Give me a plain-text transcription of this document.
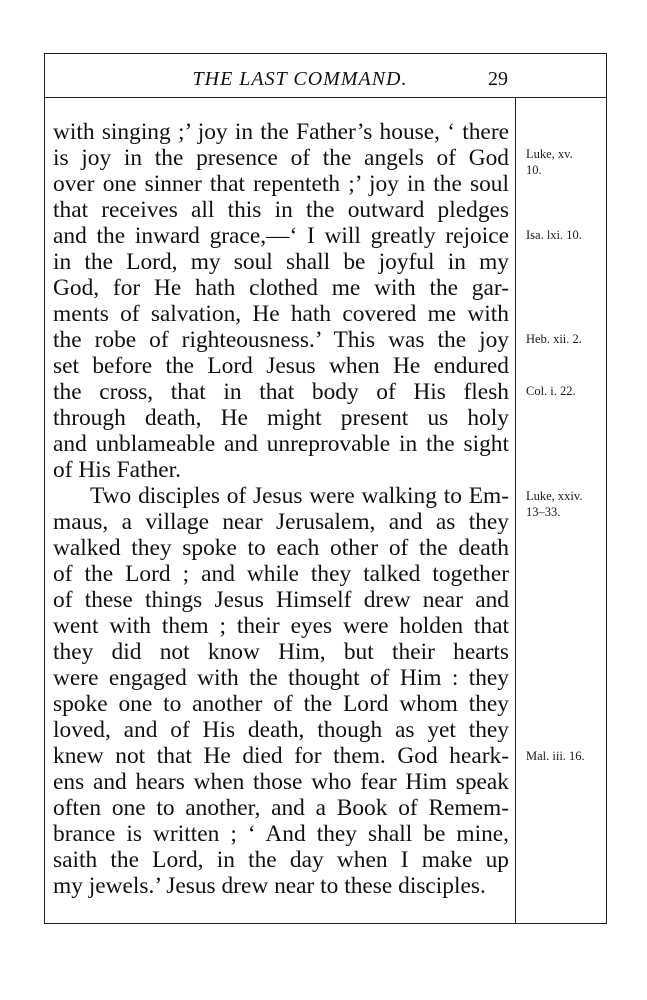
THE LAST COMMAND.	29
with singing ;’ joy in the Father’s house, ‘ there
is joy in the presence of the angels of God
over one sinner that repenteth ;’ joy in the soul
that receives all this in the outward pledges
and the inward grace,—‘ I will greatly rejoice
in the Lord, my soul shall be joyful in my
God, for He hath clothed me with the gar-
ments of salvation, He hath covered me with
the robe of righteousness.’ This was the joy
set before the Lord Jesus when He endured
the cross, that in that body of His flesh
through death, He might present us holy
and unblameable and unreprovable in the sight
of His Father.
Two disciples of Jesus were walking to Em-
maus, a village near Jerusalem, and as they
walked they spoke to each other of the death
of the Lord ; and while they talked together
of these things Jesus Himself drew near and
went with them ; their eyes were holden that
they did not know Him, but their hearts
were engaged with the thought of Him : they
spoke one to another of the Lord whom they
loved, and of His death, though as yet they
knew not that He died for them. God heark-
ens and hears when those who fear Him speak
often one to another, and a Book of Remem-
brance is written ; ‘ And they shall be mine,
saith the Lord, in the day when I make up
my jewels.’ Jesus drew near to these disciples.
Luke, xv.
10.
Isa. lxi. 10.
Heb. xii. 2.
Col. i. 22.
Luke, xxiv.
13–33.
Mal. iii. 16.
